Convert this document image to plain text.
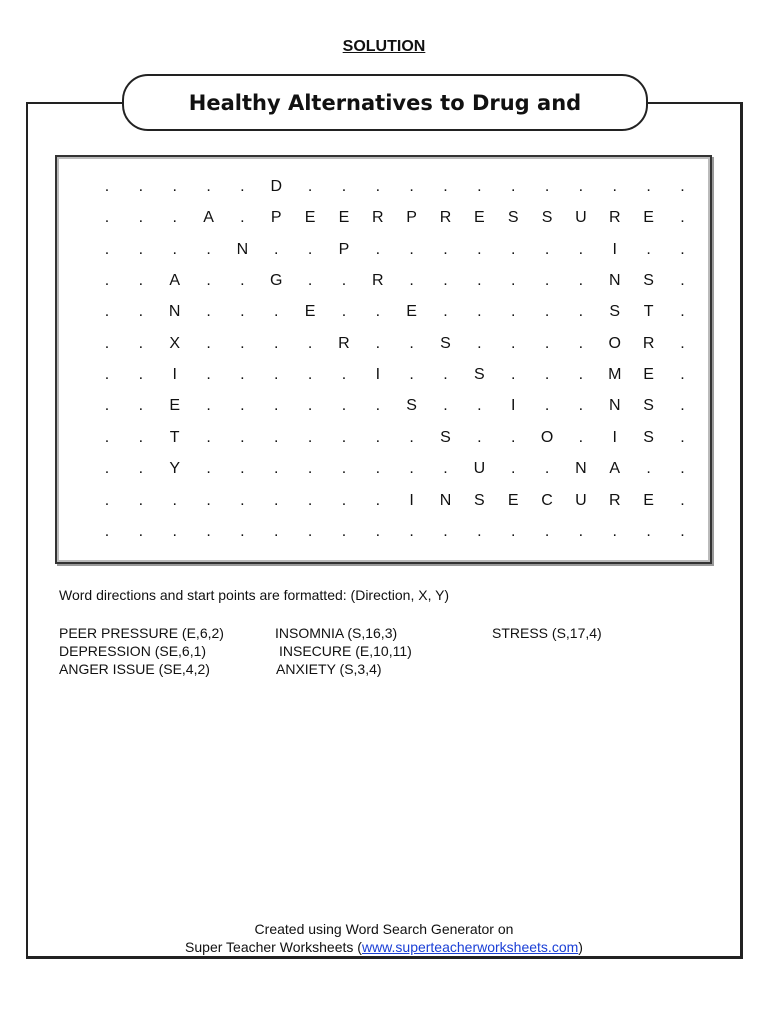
SOLUTION
Healthy Alternatives to Drug and
.	.	.	.	.	D	.	.	.	.	.	.	.	.	.	.	.	.
.	.	.	A	.	P	E	E	R	P	R	E	S	S	U	R	E	.
.	.	.	.	N	.	.	P	.	.	.	.	.	.	.	I	.	.
.	.	A	.	.	G	.	.	R	.	.	.	.	.	.	N	S	.
.	.	N	.	.	.	E	.	.	E	.	.	.	.	.	S	T	.
.	.	X	.	.	.	.	R	.	.	S	.	.	.	.	O	R	.
.	.	I	.	.	.	.	.	I	.	.	S	.	.	.	M	E	.
.	.	E	.	.	.	.	.	.	S	.	.	I	.	.	N	S	.
.	.	T	.	.	.	.	.	.	.	S	.	.	O	.	I	S	.
.	.	Y	.	.	.	.	.	.	.	.	U	.	.	N	A	.	.
.	.	.	.	.	.	.	.	.	I	N	S	E	C	U	R	E	.
.	.	.	.	.	.	.	.	.	.	.	.	.	.	.	.	.	.
Word directions and start points are formatted: (Direction, X, Y)
PEER PRESSURE (E,6,2)
DEPRESSION (SE,6,1)
ANGER ISSUE (SE,4,2)
INSOMNIA (S,16,3)
INSECURE (E,10,11)
ANXIETY (S,3,4)
STRESS (S,17,4)
Created using Word Search Generator on
Super Teacher Worksheets (www.superteacherworksheets.com)
